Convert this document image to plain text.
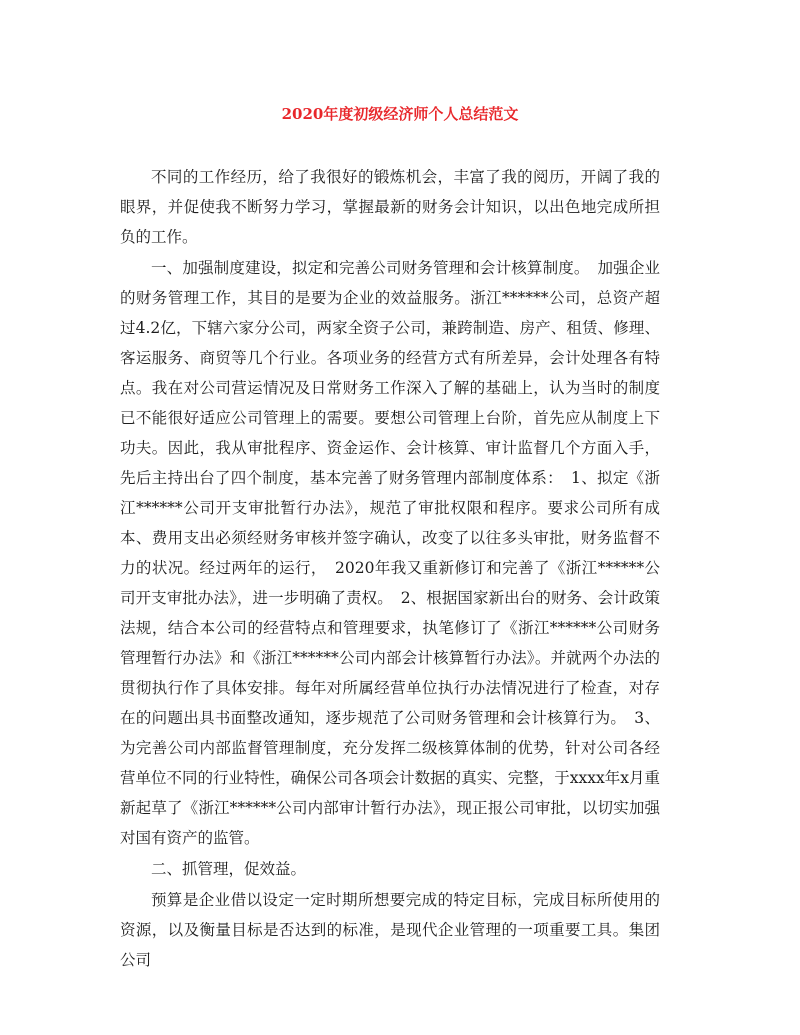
2020年度初级经济师个人总结范文

不同的工作经历，给了我很好的锻炼机会，丰富了我的阅历，开阔了我的眼界，并促使我不断努力学习，掌握最新的财务会计知识，以出色地完成所担负的工作。

一、加强制度建设，拟定和完善公司财务管理和会计核算制度。　加强企业的财务管理工作，其目的是要为企业的效益服务。浙江******公司，总资产超过4.2亿，下辖六家分公司，两家全资子公司，兼跨制造、房产、租赁、修理、客运服务、商贸等几个行业。各项业务的经营方式有所差异，会计处理各有特点。我在对公司营运情况及日常财务工作深入了解的基础上，认为当时的制度已不能很好适应公司管理上的需要。要想公司管理上台阶，首先应从制度上下功夫。因此，我从审批程序、资金运作、会计核算、审计监督几个方面入手，先后主持出台了四个制度，基本完善了财务管理内部制度体系：　1、拟定《浙江******公司开支审批暂行办法》，规范了审批权限和程序。要求公司所有成本、费用支出必须经财务审核并签字确认，改变了以往多头审批，财务监督不力的状况。经过两年的运行，　2020年我又重新修订和完善了《浙江******公司开支审批办法》，进一步明确了责权。　2、根据国家新出台的财务、会计政策法规，结合本公司的经营特点和管理要求，执笔修订了《浙江******公司财务管理暂行办法》和《浙江******公司内部会计核算暂行办法》。并就两个办法的贯彻执行作了具体安排。每年对所属经营单位执行办法情况进行了检查，对存在的问题出具书面整改通知，逐步规范了公司财务管理和会计核算行为。　3、为完善公司内部监督管理制度，充分发挥二级核算体制的优势，针对公司各经营单位不同的行业特性，确保公司各项会计数据的真实、完整，于xxxx年x月重新起草了《浙江******公司内部审计暂行办法》，现正报公司审批，以切实加强对国有资产的监管。

二、抓管理，促效益。

预算是企业借以设定一定时期所想要完成的特定目标，完成目标所使用的资源，以及衡量目标是否达到的标准，是现代企业管理的一项重要工具。集团公司
